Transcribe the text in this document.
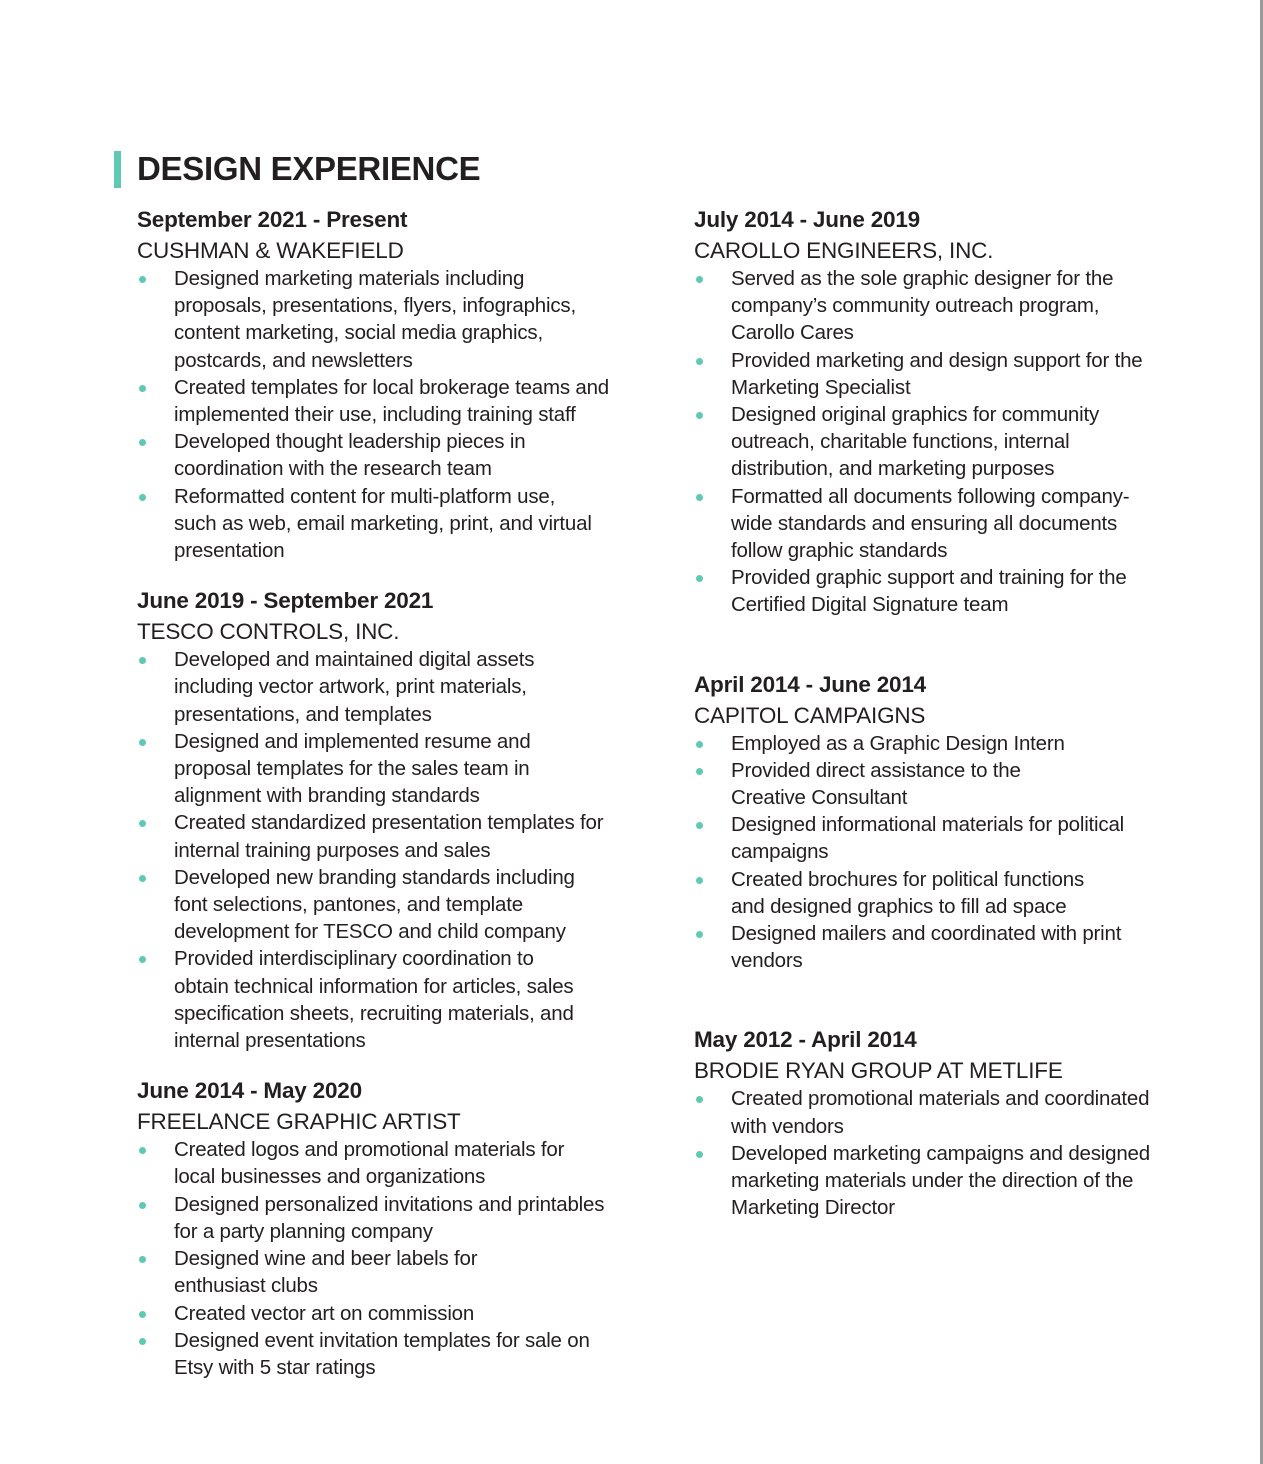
DESIGN EXPERIENCE
September 2021 - Present
CUSHMAN & WAKEFIELD
Designed marketing materials including
proposals, presentations, flyers, infographics,
content marketing, social media graphics,
postcards, and newsletters
Created templates for local brokerage teams and
implemented their use, including training staff
Developed thought leadership pieces in
coordination with the research team
Reformatted content for multi-platform use,
such as web, email marketing, print, and virtual
presentation
June 2019 - September 2021
TESCO CONTROLS, INC.
Developed and maintained digital assets
including vector artwork, print materials,
presentations, and templates
Designed and implemented resume and
proposal templates for the sales team in
alignment with branding standards
Created standardized presentation templates for
internal training purposes and sales
Developed new branding standards including
font selections, pantones, and template
development for TESCO and child company
Provided interdisciplinary coordination to
obtain technical information for articles, sales
specification sheets, recruiting materials, and
internal presentations
June 2014 - May 2020
FREELANCE GRAPHIC ARTIST
Created logos and promotional materials for
local businesses and organizations
Designed personalized invitations and printables
for a party planning company
Designed wine and beer labels for
enthusiast clubs
Created vector art on commission
Designed event invitation templates for sale on
Etsy with 5 star ratings
July 2014 - June 2019
CAROLLO ENGINEERS, INC.
Served as the sole graphic designer for the
company’s community outreach program,
Carollo Cares
Provided marketing and design support for the
Marketing Specialist
Designed original graphics for community
outreach, charitable functions, internal
distribution, and marketing purposes
Formatted all documents following company-
wide standards and ensuring all documents
follow graphic standards
Provided graphic support and training for the
Certified Digital Signature team
April 2014 - June 2014
CAPITOL CAMPAIGNS
Employed as a Graphic Design Intern
Provided direct assistance to the
Creative Consultant
Designed informational materials for political
campaigns
Created brochures for political functions
and designed graphics to fill ad space
Designed mailers and coordinated with print
vendors
May 2012 - April 2014
BRODIE RYAN GROUP AT METLIFE
Created promotional materials and coordinated
with vendors
Developed marketing campaigns and designed
marketing materials under the direction of the
Marketing Director
